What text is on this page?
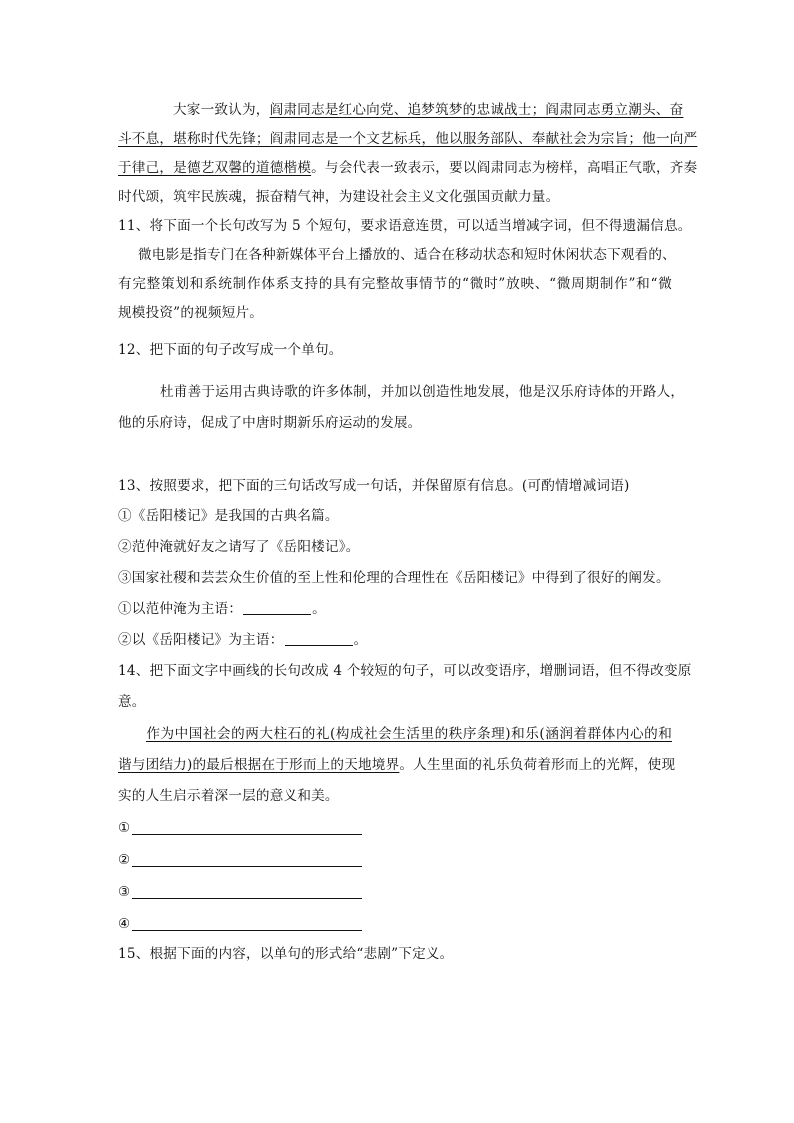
大家一致认为，阎肃同志是红心向党、追梦筑梦的忠诚战士；阎肃同志勇立潮头、奋

斗不息，堪称时代先锋；阎肃同志是一个文艺标兵，他以服务部队、奉献社会为宗旨；他一向严

于律己，是德艺双馨的道德楷模。与会代表一致表示，要以阎肃同志为榜样，高唱正气歌，齐奏

时代颂，筑牢民族魂，振奋精气神，为建设社会主义文化强国贡献力量。

11、将下面一个长句改写为 5 个短句，要求语意连贯，可以适当增减字词，但不得遗漏信息。

微电影是指专门在各种新媒体平台上播放的、适合在移动状态和短时休闲状态下观看的、

有完整策划和系统制作体系支持的具有完整故事情节的“微时”放映、“微周期制作”和“微

规模投资”的视频短片。

12、把下面的句子改写成一个单句。

杜甫善于运用古典诗歌的许多体制，并加以创造性地发展，他是汉乐府诗体的开路人，

他的乐府诗，促成了中唐时期新乐府运动的发展。

13、按照要求，把下面的三句话改写成一句话，并保留原有信息。(可酌情增减词语)

①《岳阳楼记》是我国的古典名篇。

②范仲淹就好友之请写了《岳阳楼记》。

③国家社稷和芸芸众生价值的至上性和伦理的合理性在《岳阳楼记》中得到了很好的阐发。

①以范仲淹为主语：	。

②以《岳阳楼记》为主语：	。

14、把下面文字中画线的长句改成 4 个较短的句子，可以改变语序，增删词语，但不得改变原

意。

作为中国社会的两大柱石的礼(构成社会生活里的秩序条理)和乐(涵润着群体内心的和

谐与团结力)的最后根据在于形而上的天地境界。人生里面的礼乐负荷着形而上的光辉，使现

实的人生启示着深一层的意义和美。

①

②

③

④

15、根据下面的内容，以单句的形式给“悲剧”下定义。
